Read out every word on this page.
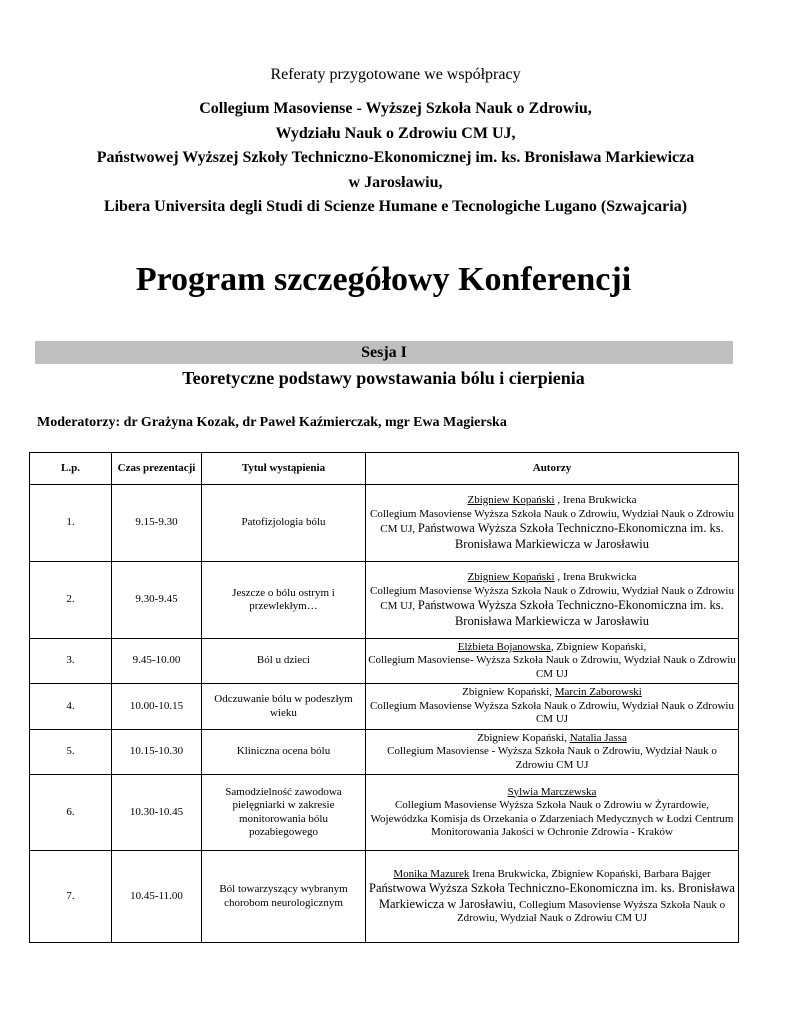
Referaty przygotowane we współpracy
Collegium Masoviense - Wyższej Szkoła Nauk o Zdrowiu,
Wydziału Nauk o Zdrowiu CM UJ,
Państwowej Wyższej Szkoły Techniczno-Ekonomicznej im. ks. Bronisława Markiewicza
w Jarosławiu,
Libera Universita degli Studi di Scienze Humane e Tecnologiche Lugano (Szwajcaria)
Program szczegółowy Konferencji
Sesja I
Teoretyczne podstawy powstawania bólu i cierpienia
Moderatorzy: dr Grażyna Kozak, dr Paweł Kaźmierczak, mgr Ewa Magierska
L.p.	Czas prezentacji	Tytuł wystąpienia	Autorzy
1.	9.15-9.30	Patofizjologia bólu	Zbigniew Kopański , Irena Brukwicka
Collegium Masoviense Wyższa Szkoła Nauk o Zdrowiu, Wydział Nauk o Zdrowiu CM UJ, Państwowa Wyższa Szkoła Techniczno-Ekonomiczna im. ks. Bronisława Markiewicza w Jarosławiu
2.	9.30-9.45	Jeszcze o bólu ostrym i przewlekłym…	Zbigniew Kopański , Irena Brukwicka
Collegium Masoviense Wyższa Szkoła Nauk o Zdrowiu, Wydział Nauk o Zdrowiu CM UJ, Państwowa Wyższa Szkoła Techniczno-Ekonomiczna im. ks. Bronisława Markiewicza w Jarosławiu
3.	9.45-10.00	Ból u dzieci	Elżbieta Bojanowska, Zbigniew Kopański,
Collegium Masoviense- Wyższa Szkoła Nauk o Zdrowiu, Wydział Nauk o Zdrowiu CM UJ
4.	10.00-10.15	Odczuwanie bólu w podeszłym wieku	Zbigniew Kopański, Marcin Zaborowski
Collegium Masoviense Wyższa Szkoła Nauk o Zdrowiu, Wydział Nauk o Zdrowiu CM UJ
5.	10.15-10.30	Kliniczna ocena bólu	Zbigniew Kopański, Natalia Jassa
Collegium Masoviense - Wyższa Szkoła Nauk o Zdrowiu, Wydział Nauk o Zdrowiu CM UJ
6.	10.30-10.45	Samodzielność zawodowa pielęgniarki w zakresie monitorowania bólu pozabiegowego	Sylwia Marczewska
Collegium Masoviense Wyższa Szkoła Nauk o Zdrowiu w Żyrardowie, Wojewódzka Komisja ds Orzekania o Zdarzeniach Medycznych w Łodzi Centrum Monitorowania Jakości w Ochronie Zdrowia - Kraków
7.	10.45-11.00	Ból towarzyszący wybranym chorobom neurologicznym	Monika Mazurek Irena Brukwicka, Zbigniew Kopański, Barbara Bajger
Państwowa Wyższa Szkoła Techniczno-Ekonomiczna im. ks. Bronisława Markiewicza w Jarosławiu, Collegium Masoviense Wyższa Szkoła Nauk o Zdrowiu, Wydział Nauk o Zdrowiu CM UJ
